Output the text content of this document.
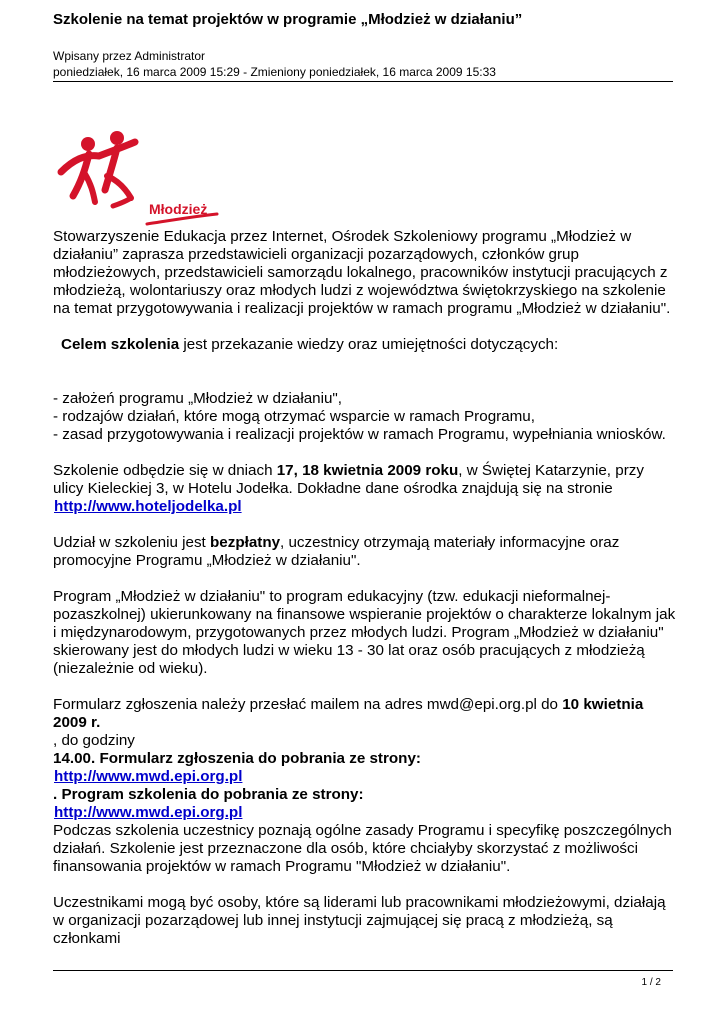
Szkolenie na temat projektów w programie „Młodzież w działaniu”
Wpisany przez Administrator
poniedziałek, 16 marca 2009 15:29 - Zmieniony poniedziałek, 16 marca 2009 15:33
Młodzież

Stowarzyszenie Edukacja przez Internet, Ośrodek Szkoleniowy programu „Młodzież w działaniu” zaprasza przedstawicieli organizacji pozarządowych, członków grup młodzieżowych, przedstawicieli samorządu lokalnego, pracowników instytucji pracujących z młodzieżą, wolontariuszy oraz młodych ludzi z województwa świętokrzyskiego na szkolenie na temat przygotowywania i realizacji projektów w ramach programu „Młodzież w działaniu".

Celem szkolenia jest przekazanie wiedzy oraz umiejętności dotyczących:

- założeń programu „Młodzież w działaniu",

- rodzajów działań, które mogą otrzymać wsparcie w ramach Programu,

- zasad przygotowywania i realizacji projektów w ramach Programu, wypełniania wniosków.

Szkolenie odbędzie się w dniach 17, 18 kwietnia 2009 roku, w Świętej Katarzynie, przy ulicy Kieleckiej 3, w Hotelu Jodełka. Dokładne dane ośrodka znajdują się na stronie

http://www.hoteljodelka.pl

Udział w szkoleniu jest bezpłatny, uczestnicy otrzymają materiały informacyjne oraz promocyjne Programu „Młodzież w działaniu".

Program „Młodzież w działaniu" to program edukacyjny (tzw. edukacji nieformalnej-pozaszkolnej) ukierunkowany na finansowe wspieranie projektów o charakterze lokalnym jak i międzynarodowym, przygotowanych przez młodych ludzi. Program „Młodzież w działaniu" skierowany jest do młodych ludzi w wieku 13 - 30 lat oraz osób pracujących z młodzieżą (niezależnie od wieku).

Formularz zgłoszenia należy przesłać mailem na adres mwd@epi.org.pl do 10 kwietnia 2009 r.

, do godziny

14.00. Formularz zgłoszenia do pobrania ze strony:

http://www.mwd.epi.org.pl

. Program szkolenia do pobrania ze strony:

http://www.mwd.epi.org.pl

Podczas szkolenia uczestnicy poznają ogólne zasady Programu i specyfikę poszczególnych działań. Szkolenie jest przeznaczone dla osób, które chciałyby skorzystać z możliwości finansowania projektów w ramach Programu "Młodzież w działaniu".

Uczestnikami mogą być osoby, które są liderami lub pracownikami młodzieżowymi, działają w organizacji pozarządowej lub innej instytucji zajmującej się pracą z młodzieżą, są członkami

1 / 2
